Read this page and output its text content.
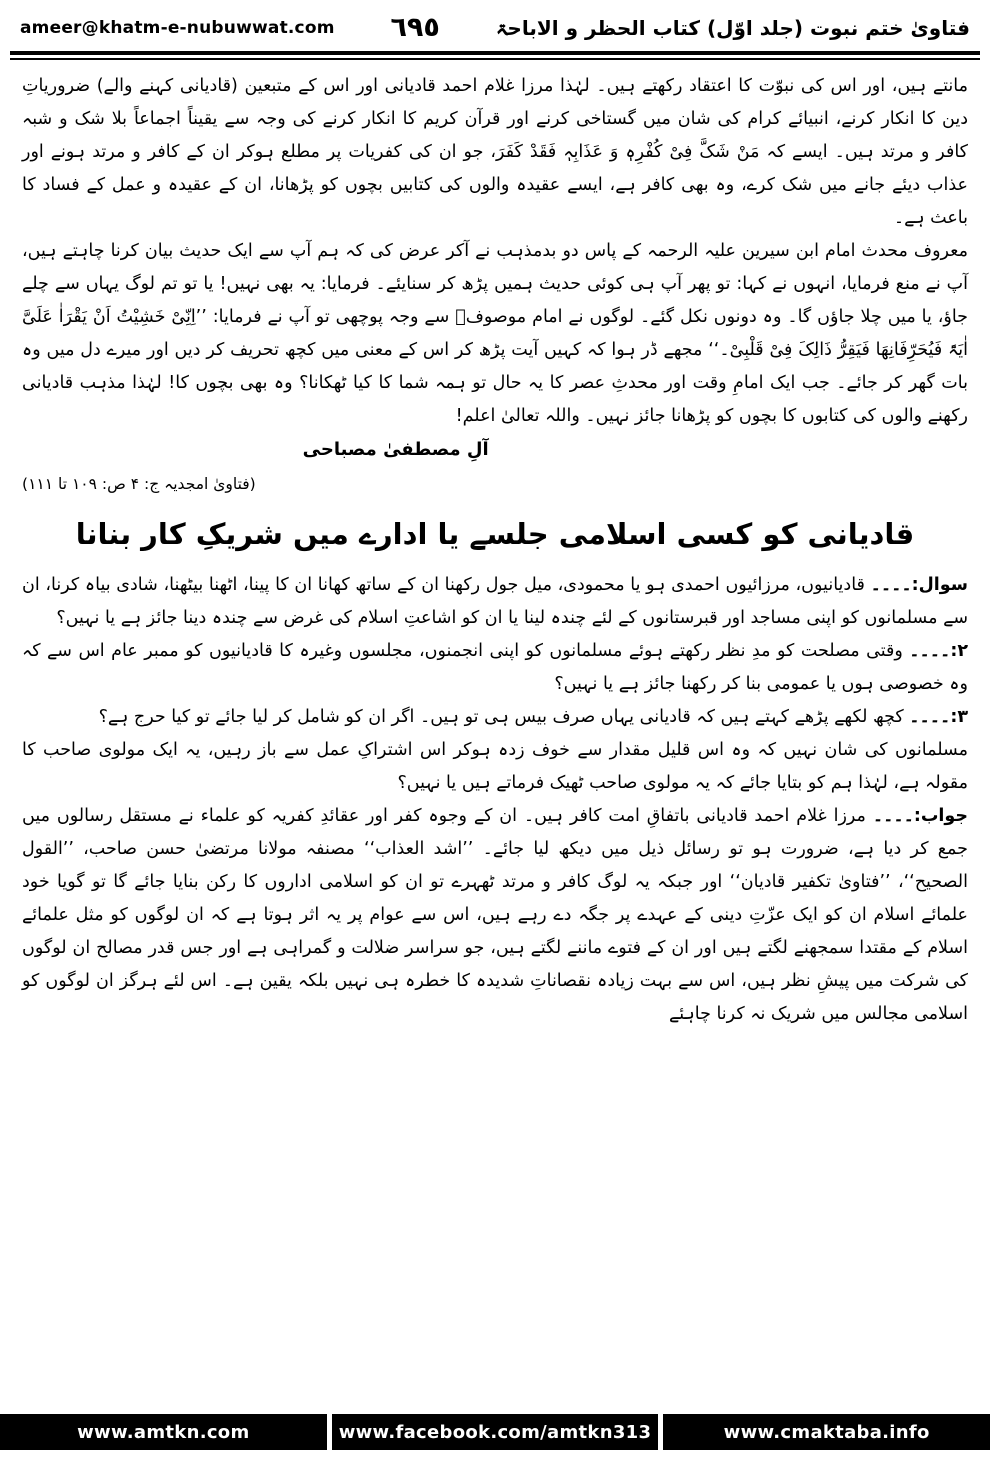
فتاویٰ ختم نبوت (جلد اوّل) کتاب الحظر و الاباحۃ
٦٩٥
ameer@khatm-e-nubuwwat.com

مانتے ہیں، اور اس کی نبوّت کا اعتقاد رکھتے ہیں۔ لہٰذا مرزا غلام احمد قادیانی اور اس کے متبعین (قادیانی کہنے والے) ضروریاتِ دین کا انکار کرنے، انبیائے کرام کی شان میں گستاخی کرنے اور قرآن کریم کا انکار کرنے کی وجہ سے یقیناً اجماعاً بلا شک و شبہ کافر و مرتد ہیں۔ ایسے کہ مَنْ شَکَّ فِیْ کُفْرِہٖ وَ عَذَابِہٖ فَقَدْ کَفَرَ، جو ان کی کفریات پر مطلع ہوکر ان کے کافر و مرتد ہونے اور عذاب دیئے جانے میں شک کرے، وہ بھی کافر ہے، ایسے عقیدہ والوں کی کتابیں بچوں کو پڑھانا، ان کے عقیدہ و عمل کے فساد کا باعث ہے۔

معروف محدث امام ابن سیرین علیہ الرحمہ کے پاس دو بدمذہب نے آکر عرض کی کہ ہم آپ سے ایک حدیث بیان کرنا چاہتے ہیں، آپ نے منع فرمایا، انہوں نے کہا: تو پھر آپ ہی کوئی حدیث ہمیں پڑھ کر سنایئے۔ فرمایا: یہ بھی نہیں! یا تو تم لوگ یہاں سے چلے جاؤ، یا میں چلا جاؤں گا۔ وہ دونوں نکل گئے۔ لوگوں نے امام موصوفؒ سے وجہ پوچھی تو آپ نے فرمایا: ’’اِنِّیْ خَشِیْتُ اَنْ یَقْرَاٰ عَلَیَّ اٰیَۃً فَیُحَرِّفَانِھَا فَیَقِرُّ ذَالِکَ فِیْ قَلْبِیْ۔‘‘ مجھے ڈر ہوا کہ کہیں آیت پڑھ کر اس کے معنی میں کچھ تحریف کر دیں اور میرے دل میں وہ بات گھر کر جائے۔ جب ایک امامِ وقت اور محدثِ عصر کا یہ حال تو ہمہ شما کا کیا ٹھکانا؟ وہ بھی بچوں کا! لہٰذا مذہب قادیانی رکھنے والوں کی کتابوں کا بچوں کو پڑھانا جائز نہیں۔ واللہ تعالیٰ اعلم!

آلِ مصطفیٰ مصباحی
(فتاویٰ امجدیہ ج: ۴ ص: ۱۰۹ تا ۱۱۱)
قادیانی کو کسی اسلامی جلسے یا ادارے میں شریکِ کار بنانا

سوال:۔۔۔۔ قادیانیوں، مرزائیوں احمدی ہو یا محمودی، میل جول رکھنا ان کے ساتھ کھانا ان کا پینا، اٹھنا بیٹھنا، شادی بیاہ کرنا، ان سے مسلمانوں کو اپنی مساجد اور قبرستانوں کے لئے چندہ لینا یا ان کو اشاعتِ اسلام کی غرض سے چندہ دینا جائز ہے یا نہیں؟

۲:۔۔۔۔ وقتی مصلحت کو مدِ نظر رکھتے ہوئے مسلمانوں کو اپنی انجمنوں، مجلسوں وغیرہ کا قادیانیوں کو ممبر عام اس سے کہ وہ خصوصی ہوں یا عمومی بنا کر رکھنا جائز ہے یا نہیں؟

۳:۔۔۔۔ کچھ لکھے پڑھے کہتے ہیں کہ قادیانی یہاں صرف بیس ہی تو ہیں۔ اگر ان کو شامل کر لیا جائے تو کیا حرج ہے؟

مسلمانوں کی شان نہیں کہ وہ اس قلیل مقدار سے خوف زدہ ہوکر اس اشتراکِ عمل سے باز رہیں، یہ ایک مولوی صاحب کا مقولہ ہے، لہٰذا ہم کو بتایا جائے کہ یہ مولوی صاحب ٹھیک فرماتے ہیں یا نہیں؟

جواب:۔۔۔۔ مرزا غلام احمد قادیانی باتفاقِ امت کافر ہیں۔ ان کے وجوہ کفر اور عقائدِ کفریہ کو علماء نے مستقل رسالوں میں جمع کر دیا ہے، ضرورت ہو تو رسائل ذیل میں دیکھ لیا جائے۔ ’’اشد العذاب‘‘ مصنفہ مولانا مرتضیٰ حسن صاحب، ’’القول الصحیح‘‘، ’’فتاویٰ تکفیر قادیان‘‘ اور جبکہ یہ لوگ کافر و مرتد ٹھہرے تو ان کو اسلامی اداروں کا رکن بنایا جائے گا تو گویا خود علمائے اسلام ان کو ایک عزّتِ دینی کے عہدے پر جگہ دے رہے ہیں، اس سے عوام پر یہ اثر ہوتا ہے کہ ان لوگوں کو مثل علمائے اسلام کے مقتدا سمجھنے لگتے ہیں اور ان کے فتوے ماننے لگتے ہیں، جو سراسر ضلالت و گمراہی ہے اور جس قدر مصالح ان لوگوں کی شرکت میں پیشِ نظر ہیں، اس سے بہت زیادہ نقصاناتِ شدیدہ کا خطرہ ہی نہیں بلکہ یقین ہے۔ اس لئے ہرگز ان لوگوں کو اسلامی مجالس میں شریک نہ کرنا چاہئے

www.amtkn.com	www.facebook.com/amtkn313	www.cmaktaba.info
